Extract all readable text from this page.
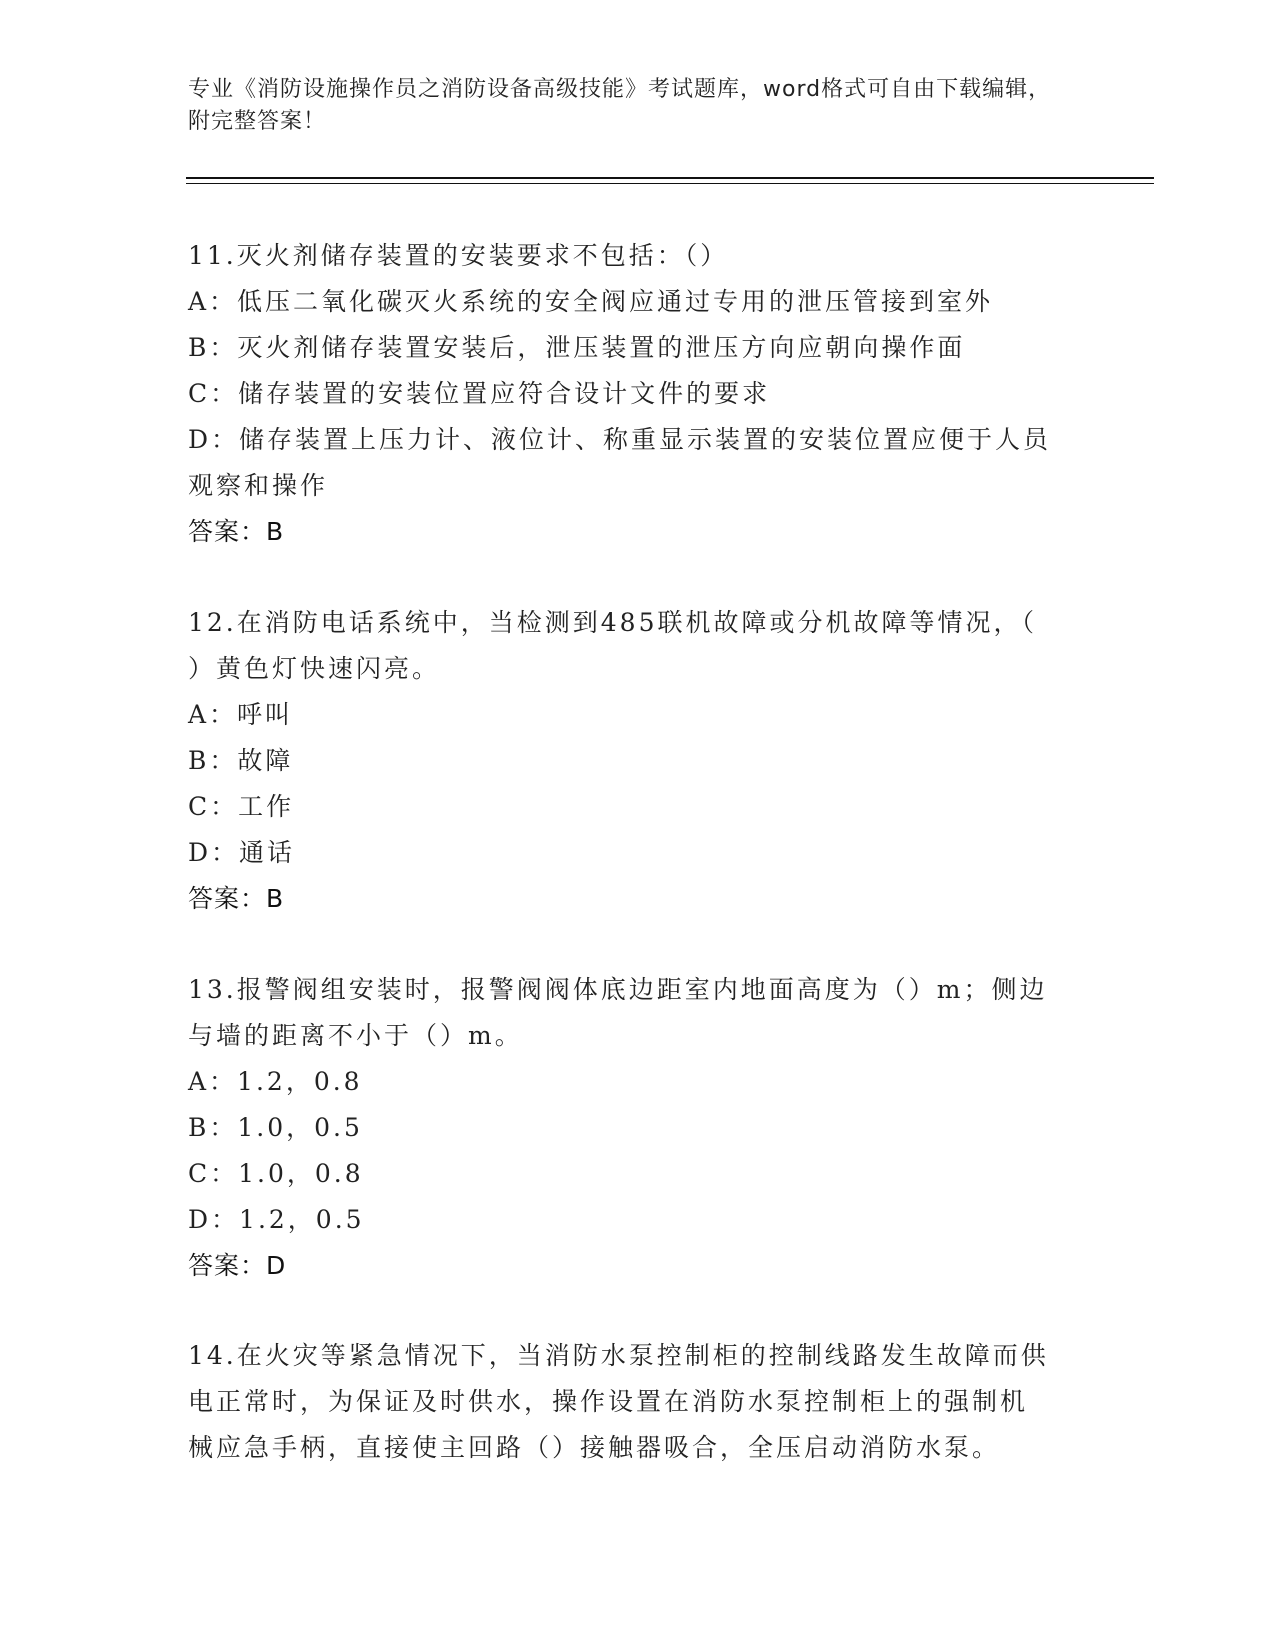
专业《消防设施操作员之消防设备高级技能》考试题库，word格式可自由下载编辑，附完整答案！
11.灭火剂储存装置的安装要求不包括：（）
A：低压二氧化碳灭火系统的安全阀应通过专用的泄压管接到室外
B：灭火剂储存装置安装后，泄压装置的泄压方向应朝向操作面
C：储存装置的安装位置应符合设计文件的要求
D：储存装置上压力计、液位计、称重显示装置的安装位置应便于人员
观察和操作
答案：B
12.在消防电话系统中，当检测到485联机故障或分机故障等情况，（
）黄色灯快速闪亮。
A：呼叫
B：故障
C：工作
D：通话
答案：B
13.报警阀组安装时，报警阀阀体底边距室内地面高度为（）m；侧边
与墙的距离不小于（）m。
A：1.2，0.8
B：1.0，0.5
C：1.0，0.8
D：1.2，0.5
答案：D
14.在火灾等紧急情况下，当消防水泵控制柜的控制线路发生故障而供
电正常时，为保证及时供水，操作设置在消防水泵控制柜上的强制机
械应急手柄，直接使主回路（）接触器吸合，全压启动消防水泵。
